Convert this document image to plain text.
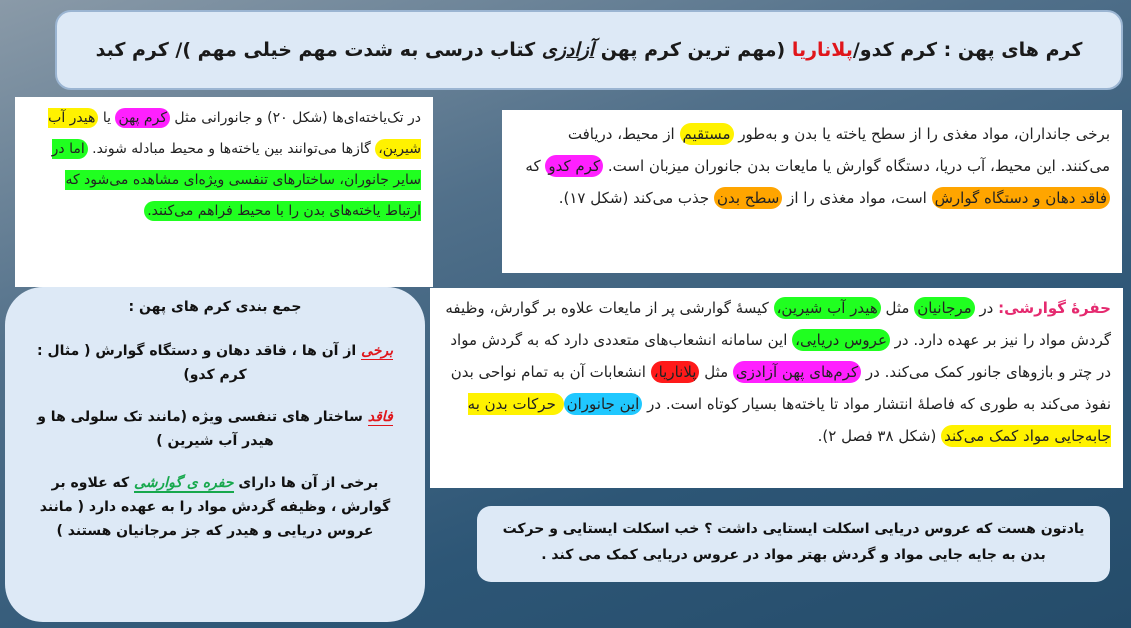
کرم های پهن : کرم کدو/پلاناریا (مهم ترین کرم پهن آزادزی کتاب درسی به شدت مهم خیلی مهم )/ کرم کبد
در تک‌یاخته‌ای‌ها (شکل ۲۰) و جانورانی مثل کرم پهن یا هیدر آب شیرین، گازها می‌توانند بین یاخته‌ها و محیط مبادله شوند. اما در سایر جانوران، ساختارهای تنفسی ویژه‌ای مشاهده می‌شود که ارتباط یاخته‌های بدن را با محیط فراهم می‌کنند.
برخی جانداران، مواد مغذی را از سطح یاخته یا بدن و به‌طور مستقیم از محیط، دریافت می‌کنند. این محیط، آب دریا، دستگاه گوارش یا مایعات بدن جانوران میزبان است. کرم کدو که فاقد دهان و دستگاه گوارش است، مواد مغذی را از سطح بدن جذب می‌کند (شکل ۱۷).
حفرهٔ گوارشی: در مرجانیان مثل هیدر آب شیرین، کیسهٔ گوارشی پر از مایعات علاوه بر گوارش، وظیفه گردش مواد را نیز بر عهده دارد. در عروس دریایی، این سامانه انشعاب‌های متعددی دارد که به گردش مواد در چتر و بازوهای جانور کمک می‌کند. در کرم‌های پهن آزادزی مثل پلاناریا، انشعابات آن به تمام نواحی بدن نفوذ می‌کند به طوری که فاصلهٔ انتشار مواد تا یاخته‌ها بسیار کوتاه است. در این جانوران حرکات بدن به جابه‌جایی مواد کمک می‌کند (شکل ۳۸ فصل ۲).

جمع بندی کرم های پهن :

برخی از آن ها ، فاقد دهان و دستگاه گوارش ( مثال : کرم کدو)

فاقد ساختار های تنفسی ویژه (مانند تک سلولی ها و هیدر آب شیرین )

برخی از آن ها دارای حفره ی گوارشی که علاوه بر گوارش ، وظیفه گردش مواد را به عهده دارد ( مانند عروس دریایی و هیدر که جز مرجانیان هستند )	یادتون هست که عروس دریایی اسکلت ایستایی داشت ؟ خب اسکلت ایستایی و حرکت بدن به جایه جایی مواد و گردش بهتر مواد در عروس دریایی کمک می کند .
